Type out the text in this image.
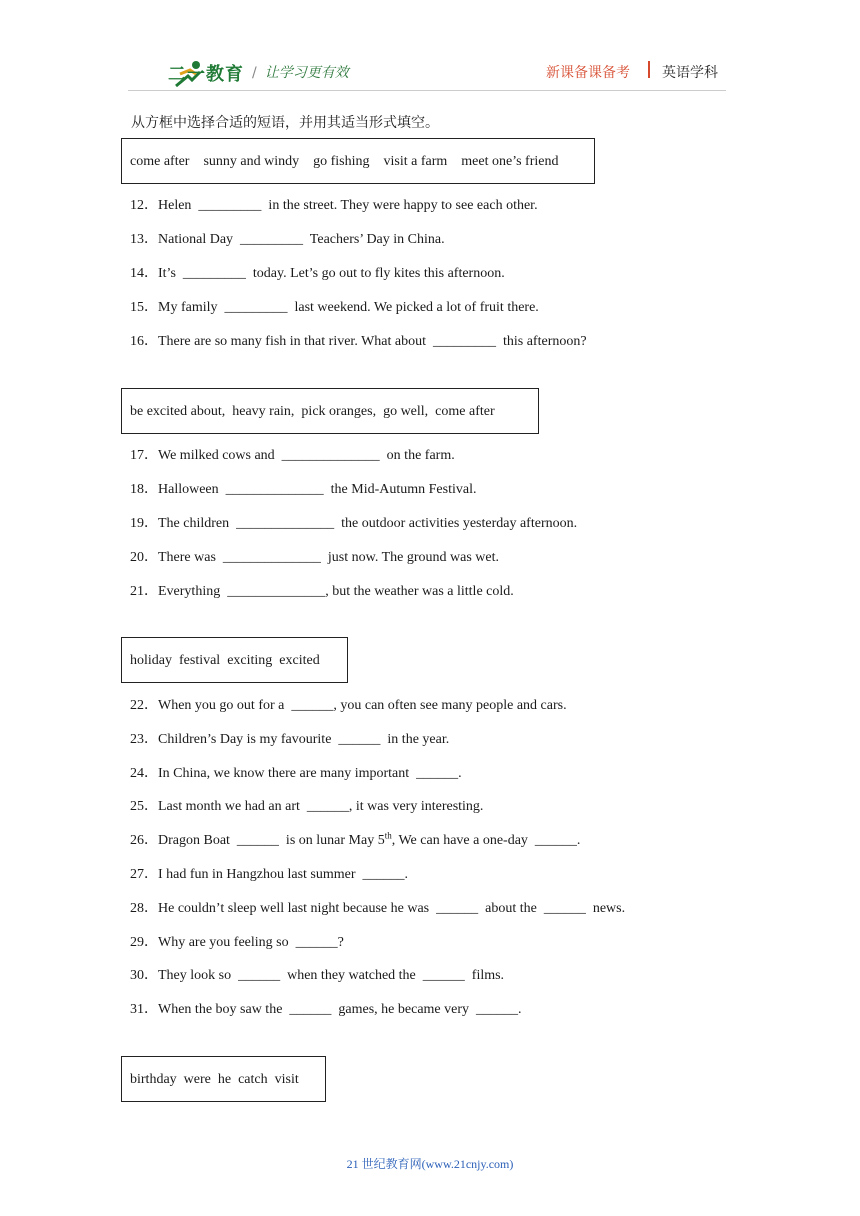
二一教育 / 让学习更有效	新课备课备考 英语学科
从方框中选择合适的短语，并用其适当形式填空。
come after    sunny and windy    go fishing    visit a farm    meet one’s friend
12．Helen  _________  in the street. They were happy to see each other.
13．National Day  _________  Teachers’ Day in China.
14．It’s  _________  today. Let’s go out to fly kites this afternoon.
15．My family  _________  last weekend. We picked a lot of fruit there.
16．There are so many fish in that river. What about  _________  this afternoon?
be excited about,  heavy rain,  pick oranges,  go well,  come after
17．We milked cows and  ______________  on the farm.
18．Halloween  ______________  the Mid-Autumn Festival.
19．The children  ______________  the outdoor activities yesterday afternoon.
20．There was  ______________  just now. The ground was wet.
21．Everything  ______________, but the weather was a little cold.
holiday  festival  exciting  excited
22．When you go out for a  ______, you can often see many people and cars.
23．Children’s Day is my favourite  ______  in the year.
24．In China, we know there are many important  ______.
25．Last month we had an art  ______, it was very interesting.
26．Dragon Boat  ______  is on lunar May 5th, We can have a one-day  ______.
27．I had fun in Hangzhou last summer  ______.
28．He couldn’t sleep well last night because he was  ______  about the  ______  news.
29．Why are you feeling so  ______?
30．They look so  ______  when they watched the  ______  films.
31．When the boy saw the  ______  games, he became very  ______.
birthday  were  he  catch  visit
21 世纪教育网(www.21cnjy.com)
